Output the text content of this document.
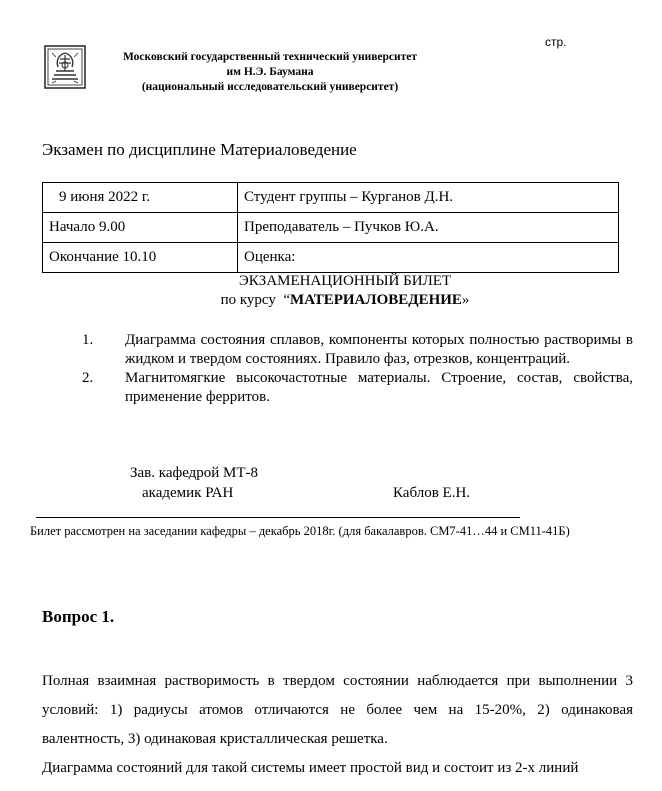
стр.
Московский государственный технический университет
им Н.Э. Баумана
(национальный исследовательский университет)
Экзамен по дисциплине Материаловедение
9 июня 2022 г.	Студент группы – Курганов Д.Н.
Начало 9.00	Преподаватель – Пучков Ю.А.
Окончание 10.10	Оценка:
ЭКЗАМЕНАЦИОННЫЙ БИЛЕТ
по курсу  “МАТЕРИАЛОВЕДЕНИЕ»
1.	Диаграмма состояния сплавов, компоненты которых полностью растворимы в жидком и твердом состояниях. Правило фаз, отрезков, концентраций.
2.	Магнитомягкие высокочастотные материалы. Строение, состав, свойства, применение ферритов.
Зав. кафедрой МТ-8
академик РАН	Каблов Е.Н.
Билет рассмотрен на заседании кафедры – декабрь 2018г. (для бакалавров. СМ7-41…44 и СМ11-41Б)
Вопрос 1.

Полная взаимная растворимость в твердом состоянии наблюдается при выполнении 3 условий: 1) радиусы атомов отличаются не более чем на 15-20%, 2) одинаковая валентность, 3) одинаковая кристаллическая решетка.

Диаграмма состояний для такой системы имеет простой вид и состоит из 2-х линий
